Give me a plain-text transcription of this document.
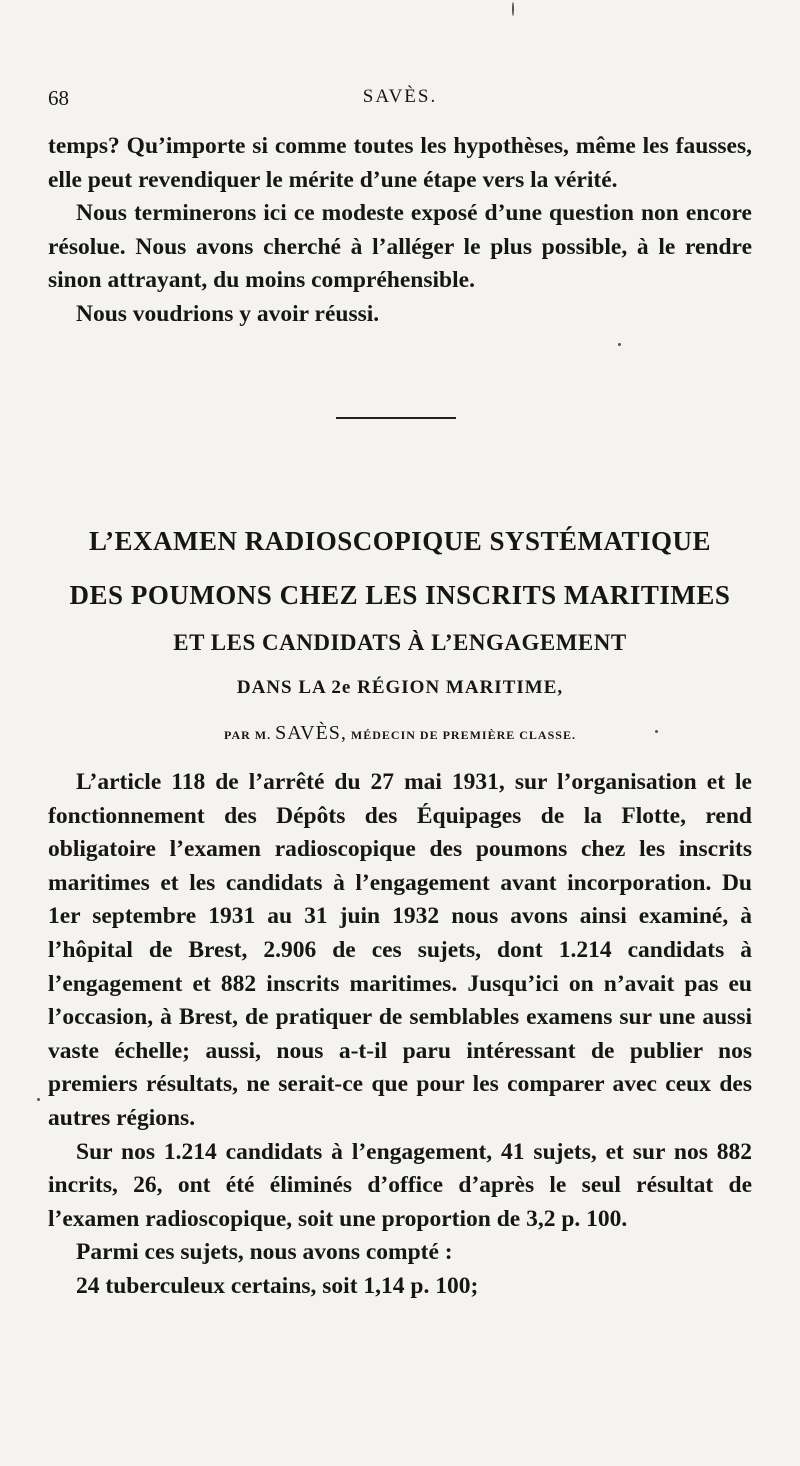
68	SAVÈS.

temps? Qu’importe si comme toutes les hypothèses, même les fausses, elle peut revendiquer le mérite d’une étape vers la vérité.

Nous terminerons ici ce modeste exposé d’une question non encore résolue. Nous avons cherché à l’alléger le plus possible, à le rendre sinon attrayant, du moins compréhensible.

Nous voudrions y avoir réussi.

L’EXAMEN RADIOSCOPIQUE SYSTÉMATIQUE
DES POUMONS CHEZ LES INSCRITS MARITIMES
ET LES CANDIDATS À L’ENGAGEMENT
DANS LA 2e RÉGION MARITIME,
PAR M. SAVÈS, MÉDECIN DE PREMIÈRE CLASSE.

L’article 118 de l’arrêté du 27 mai 1931, sur l’organisation et le fonctionnement des Dépôts des Équipages de la Flotte, rend obligatoire l’examen radioscopique des poumons chez les inscrits maritimes et les candidats à l’engagement avant incorporation. Du 1er septembre 1931 au 31 juin 1932 nous avons ainsi examiné, à l’hôpital de Brest, 2.906 de ces sujets, dont 1.214 candidats à l’engagement et 882 inscrits maritimes. Jusqu’ici on n’avait pas eu l’occasion, à Brest, de pratiquer de semblables examens sur une aussi vaste échelle; aussi, nous a-t-il paru intéressant de publier nos premiers résultats, ne serait-ce que pour les comparer avec ceux des autres régions.

Sur nos 1.214 candidats à l’engagement, 41 sujets, et sur nos 882 incrits, 26, ont été éliminés d’office d’après le seul résultat de l’examen radioscopique, soit une proportion de 3,2 p. 100.

Parmi ces sujets, nous avons compté :

24 tuberculeux certains, soit 1,14 p. 100;
